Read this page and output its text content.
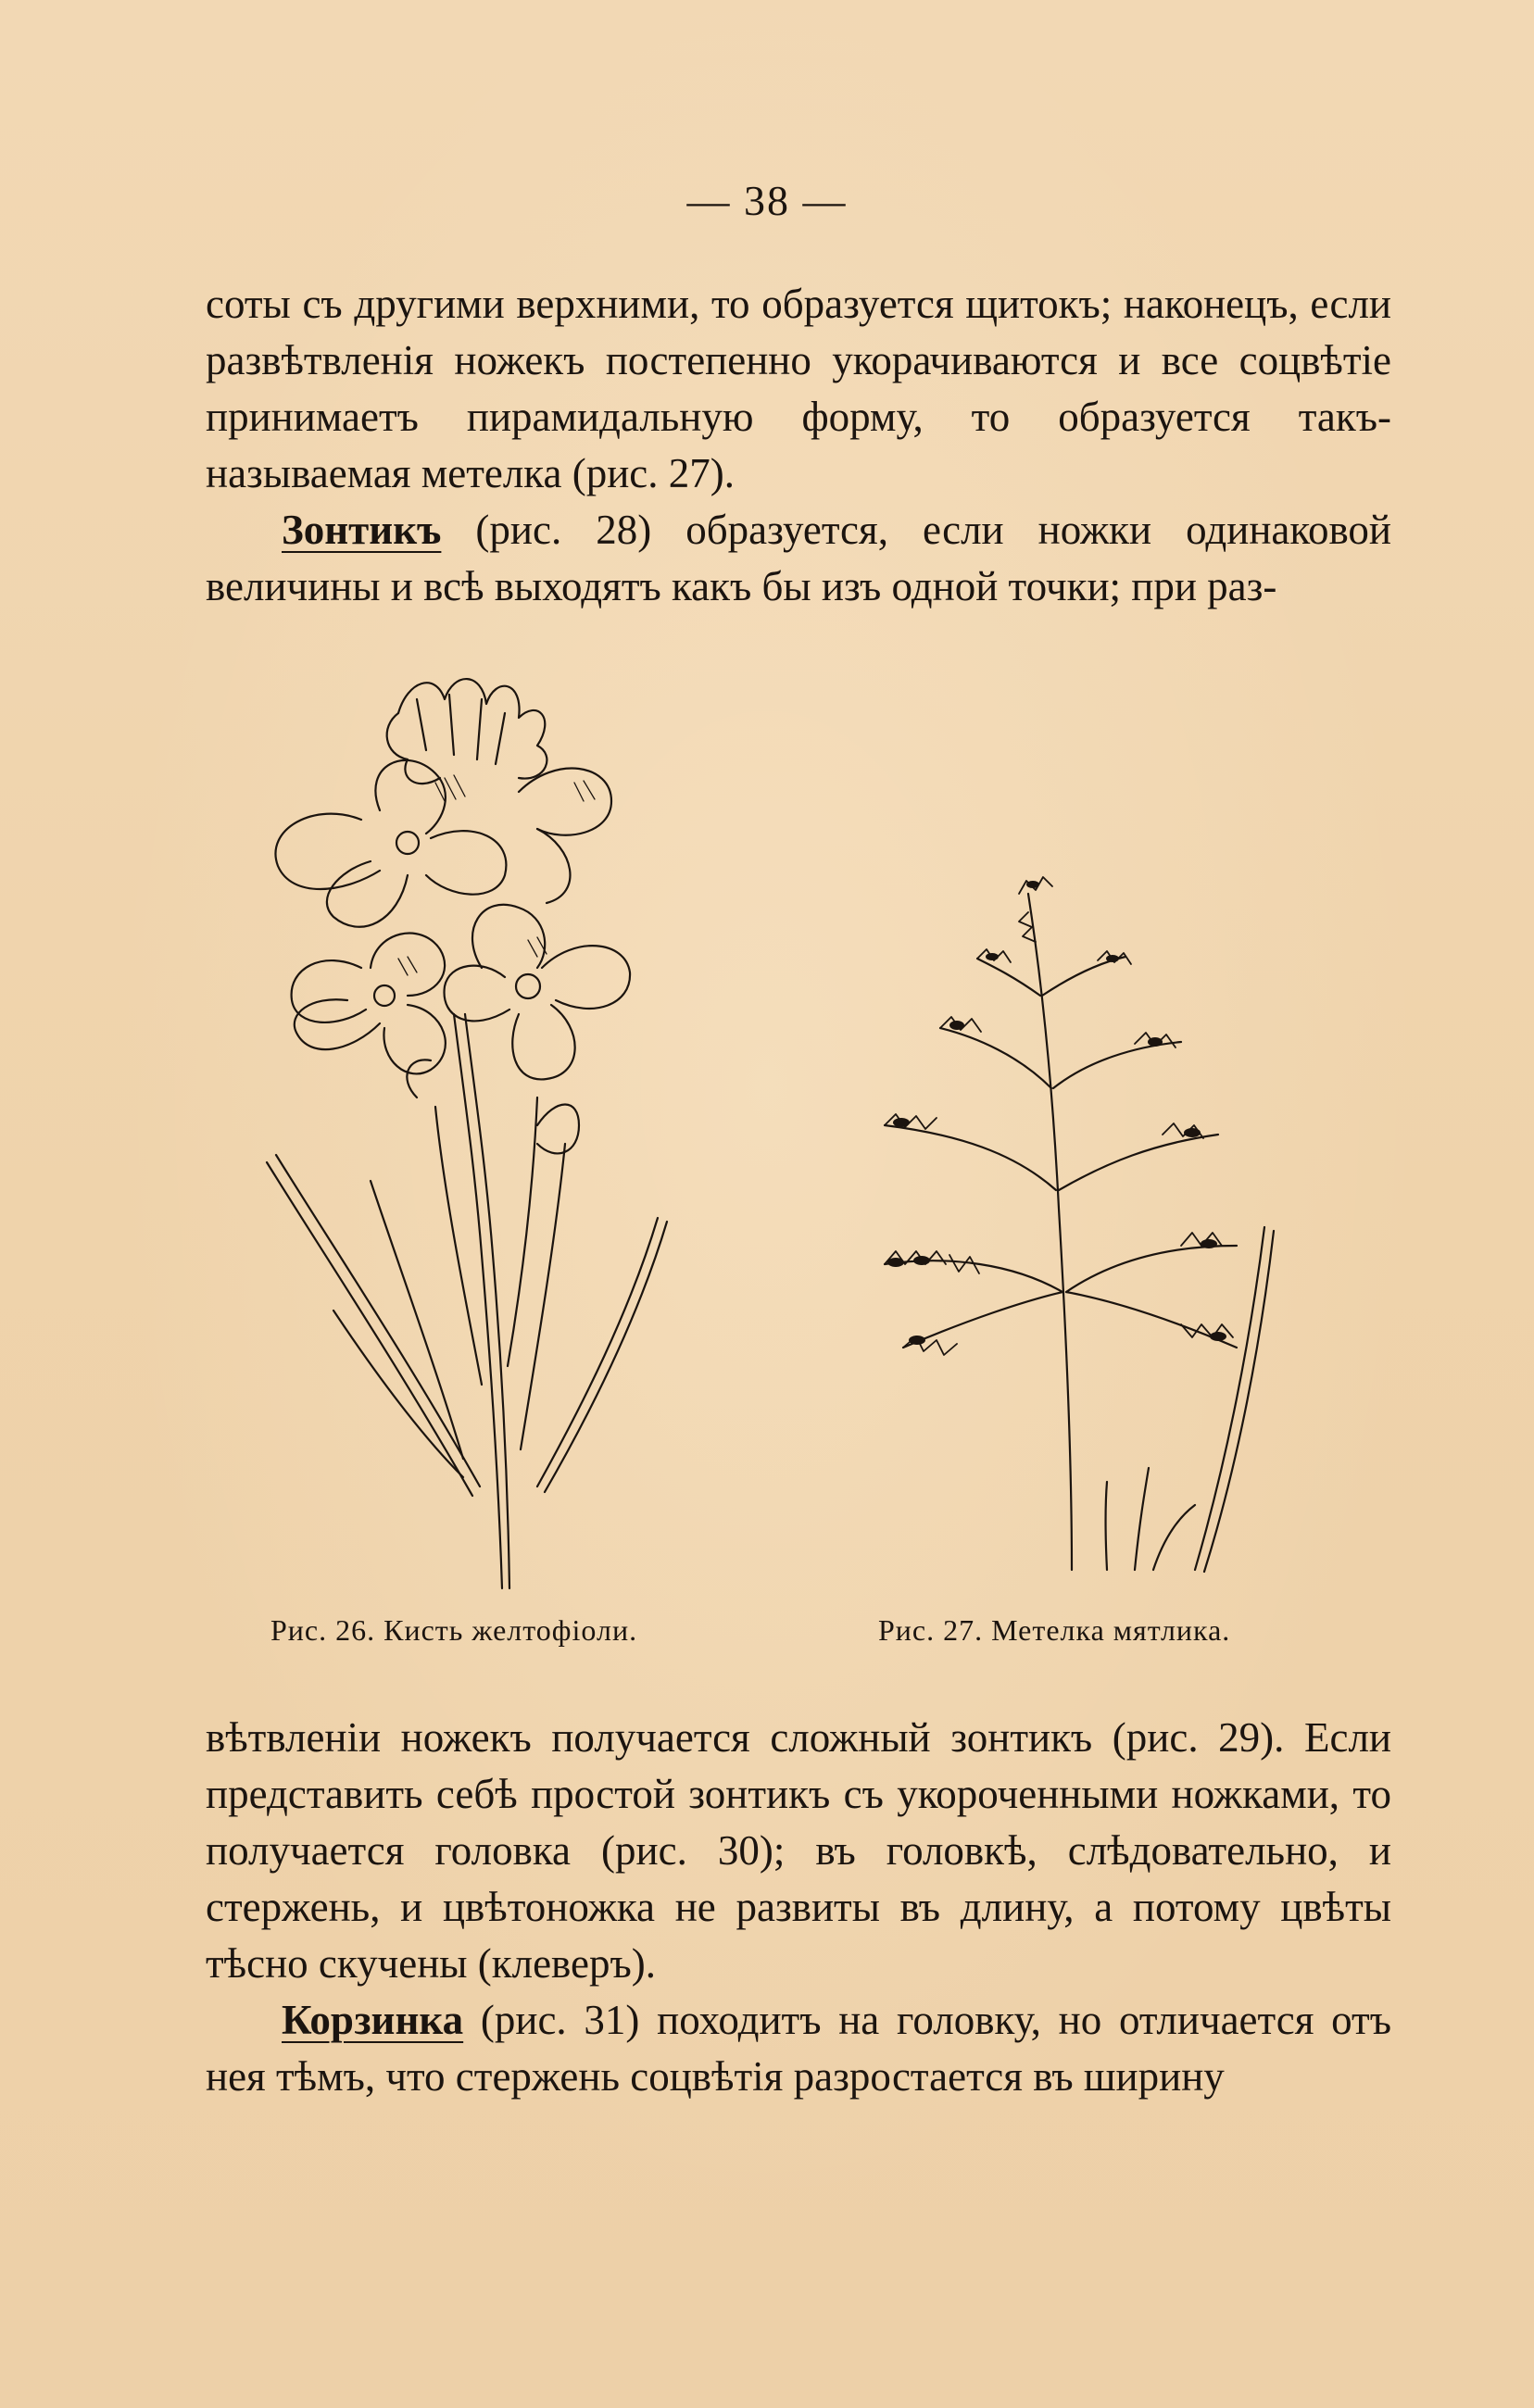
— 38 —

соты съ другими верхними, то образуется щитокъ; наконецъ, если развѣтвленія ножекъ постепенно укорачиваются и все соцвѣтіе принимаетъ пирамидальную форму, то образуется такъ-называемая метелка (рис. 27).

Зонтикъ (рис. 28) образуется, если ножки одинаковой величины и всѣ выходятъ какъ бы изъ одной точки; при раз-

Рис. 26. Кисть желтофіоли.	Рис. 27. Метелка мятлика.

вѣтвленіи ножекъ получается сложный зонтикъ (рис. 29). Если представить себѣ простой зонтикъ съ укороченными ножками, то получается головка (рис. 30); въ головкѣ, слѣдовательно, и стержень, и цвѣтоножка не развиты въ длину, а потому цвѣты тѣсно скучены (клеверъ).

Корзинка (рис. 31) походитъ на головку, но отличается отъ нея тѣмъ, что стержень соцвѣтія разростается въ ширину
